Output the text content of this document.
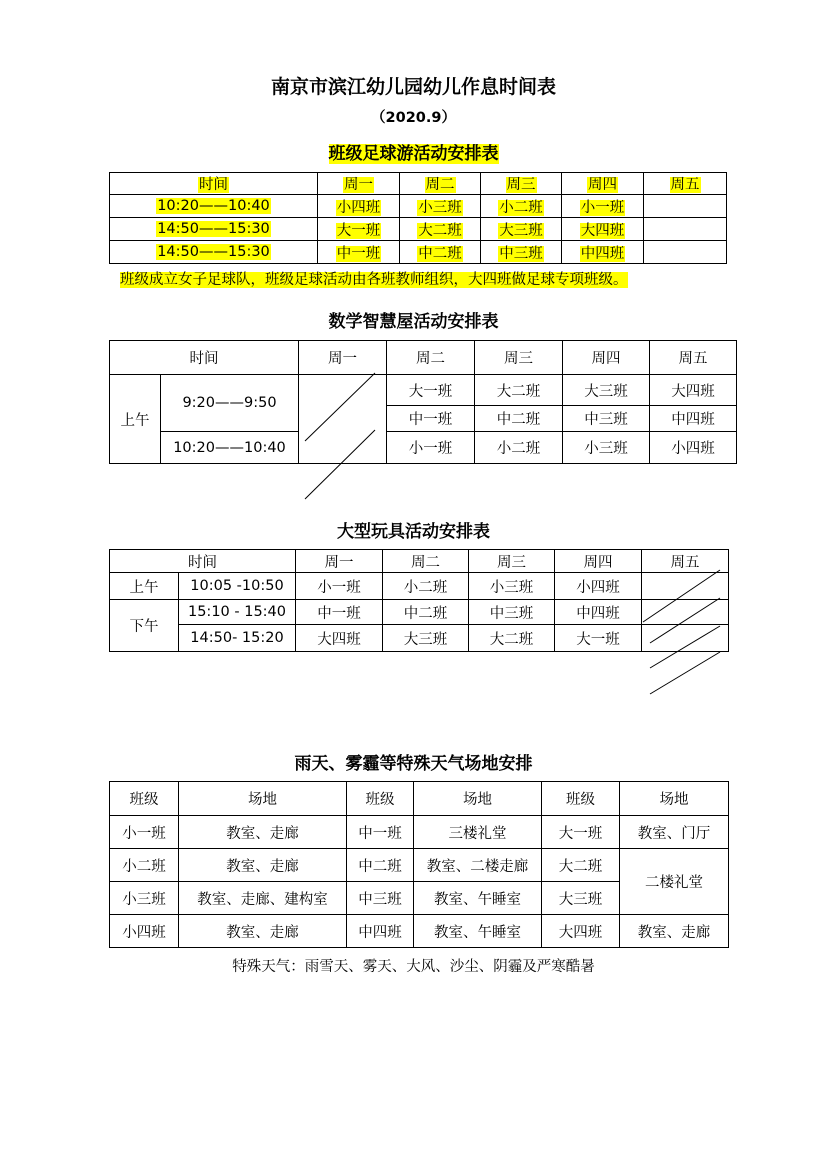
南京市滨江幼儿园幼儿作息时间表
（2020.9）
班级足球游活动安排表
时间	周一	周二	周三	周四	周五
10:20——10:40	小四班	小三班	小二班	小一班	
14:50——15:30	大一班	大二班	大三班	大四班	
14:50——15:30	中一班	中二班	中三班	中四班	
班级成立女子足球队，班级足球活动由各班教师组织，大四班做足球专项班级。
数学智慧屋活动安排表
时间		周一	周二	周三	周四	周五
上午	9:20——9:50		大一班	大二班	大三班	大四班
			中一班	中二班	中三班	中四班
	10:20——10:40		小一班	小二班	小三班	小四班
大型玩具活动安排表
时间		周一	周二	周三	周四	周五
上午	10:05 -10:50	小一班	小二班	小三班	小四班	
下午	15:10 - 15:40	中一班	中二班	中三班	中四班	
	14:50- 15:20	大四班	大三班	大二班	大一班	
雨天、雾霾等特殊天气场地安排
班级	场地	班级	场地	班级	场地
小一班	教室、走廊	中一班	三楼礼堂	大一班	教室、门厅
小二班	教室、走廊	中二班	教室、二楼走廊	大二班	二楼礼堂
小三班	教室、走廊、建构室	中三班	教室、午睡室	大三班	
小四班	教室、走廊	中四班	教室、午睡室	大四班	教室、走廊
特殊天气：雨雪天、雾天、大风、沙尘、阴霾及严寒酷暑
